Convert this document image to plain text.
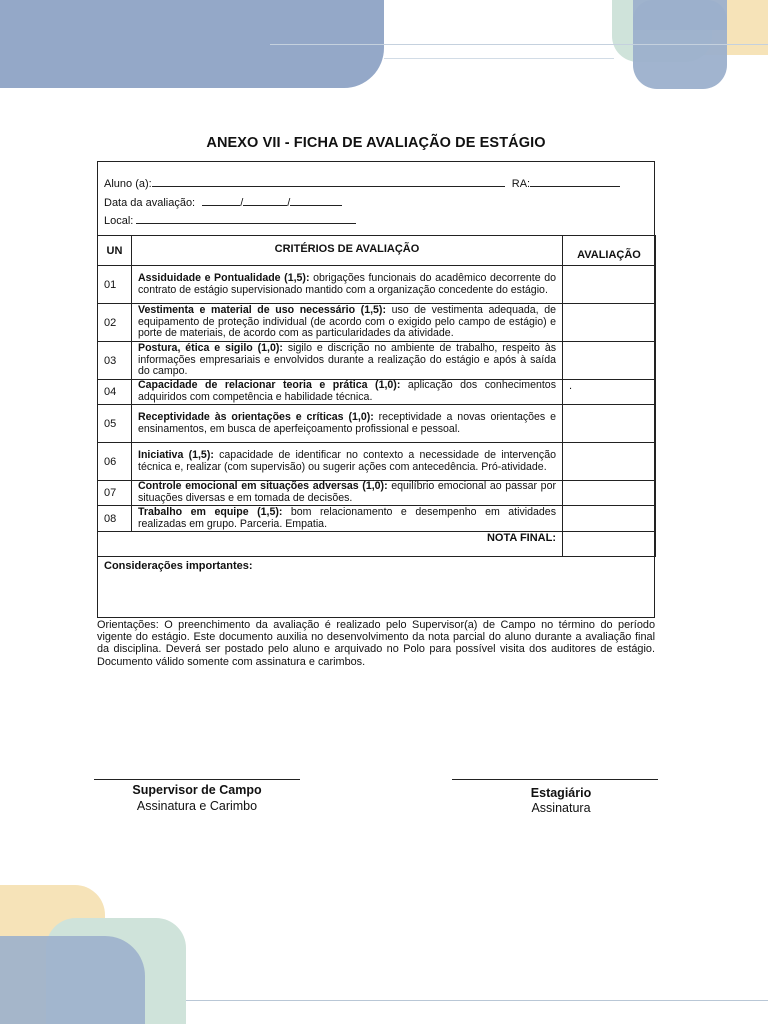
ANEXO VII - FICHA DE AVALIAÇÃO DE ESTÁGIO
Aluno (a):	RA:
Data da avaliação:	/	/
Local:
UN	CRITÉRIOS DE AVALIAÇÃO	AVALIAÇÃO
01	Assiduidade e Pontualidade (1,5): obrigações funcionais do acadêmico decorrente do contrato de estágio supervisionado mantido com a organização concedente do estágio.	
02	Vestimenta e material de uso necessário (1,5): uso de vestimenta adequada, de equipamento de proteção individual (de acordo com o exigido pelo campo de estágio) e porte de materiais, de acordo com as particularidades da atividade.	
03	Postura, ética e sigilo (1,0): sigilo e discrição no ambiente de trabalho, respeito às informações empresariais e envolvidos durante a realização do estágio e após à saída do campo.	
04	Capacidade de relacionar teoria e prática (1,0): aplicação dos conhecimentos adquiridos com competência e habilidade técnica.	.
05	Receptividade às orientações e críticas (1,0): receptividade a novas orientações e ensinamentos, em busca de aperfeiçoamento profissional e pessoal.	
06	Iniciativa (1,5): capacidade de identificar no contexto a necessidade de intervenção técnica e, realizar (com supervisão) ou sugerir ações com antecedência. Pró-atividade.	
07	Controle emocional em situações adversas (1,0): equilíbrio emocional ao passar por situações diversas e em tomada de decisões.	
08	Trabalho em equipe (1,5): bom relacionamento e desempenho em atividades realizadas em grupo. Parceria. Empatia.	
NOTA FINAL:		
Considerações importantes:
Orientações: O preenchimento da avaliação é realizado pelo Supervisor(a) de Campo no término do período vigente do estágio. Este documento auxilia no desenvolvimento da nota parcial do aluno durante a avaliação final da disciplina. Deverá ser postado pelo aluno e arquivado no Polo para possível visita dos auditores de estágio. Documento válido somente com assinatura e carimbos.
Supervisor de Campo
Assinatura e Carimbo
Estagiário
Assinatura
